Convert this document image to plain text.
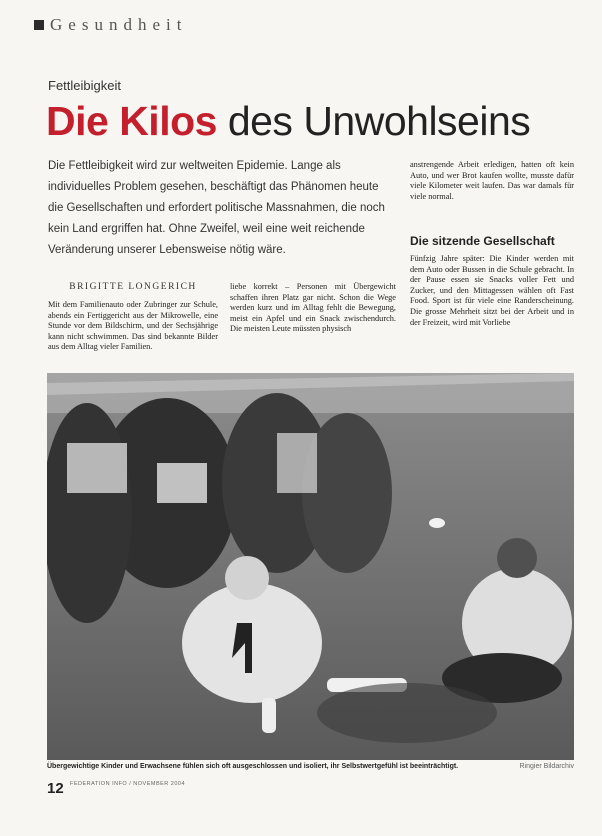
Gesundheit
Fettleibigkeit
Die Kilos des Unwohlseins
Die Fettleibigkeit wird zur weltweiten Epidemie. Lange als individuelles Problem gesehen, beschäftigt das Phänomen heute die Gesellschaften und erfordert politische Massnahmen, die noch kein Land ergriffen hat. Ohne Zweifel, weil eine weit reichende Veränderung unserer Lebensweise nötig wäre.
anstrengende Arbeit erledigen, hatten oft kein Auto, und wer Brot kaufen wollte, musste dafür viele Kilometer weit laufen. Das war damals für viele normal.
Die sitzende Gesellschaft
Fünfzig Jahre später: Die Kinder werden mit dem Auto oder Bussen in die Schule gebracht. In der Pause essen sie Snacks voller Fett und Zucker, und den Mittagessen wählen oft Fast Food. Sport ist für viele eine Randerscheinung. Die grosse Mehrheit sitzt bei der Arbeit und in der Freizeit, wird mit Vorliebe
BRIGITTE LONGERICH
Mit dem Familienauto oder Zubringer zur Schule, abends ein Fertiggericht aus der Mikrowelle, eine Stunde vor dem Bildschirm, und der Sechsjährige kann nicht schwimmen. Das sind bekannte Bilder aus dem Alltag vieler Familien.
liebe korrekt – Personen mit Übergewicht schaffen ihren Platz gar nicht. Schon die Wege werden kurz und im Alltag fehlt die Bewegung, meist ein Apfel und ein Snack zwischendurch. Die meisten Leute müssten physisch
Übergewichtige Kinder und Erwachsene fühlen sich oft ausgeschlossen und isoliert, ihr Selbstwertgefühl ist beeinträchtigt.	Ringier Bildarchiv
12 FEDERATION INFO / NOVEMBER 2004
